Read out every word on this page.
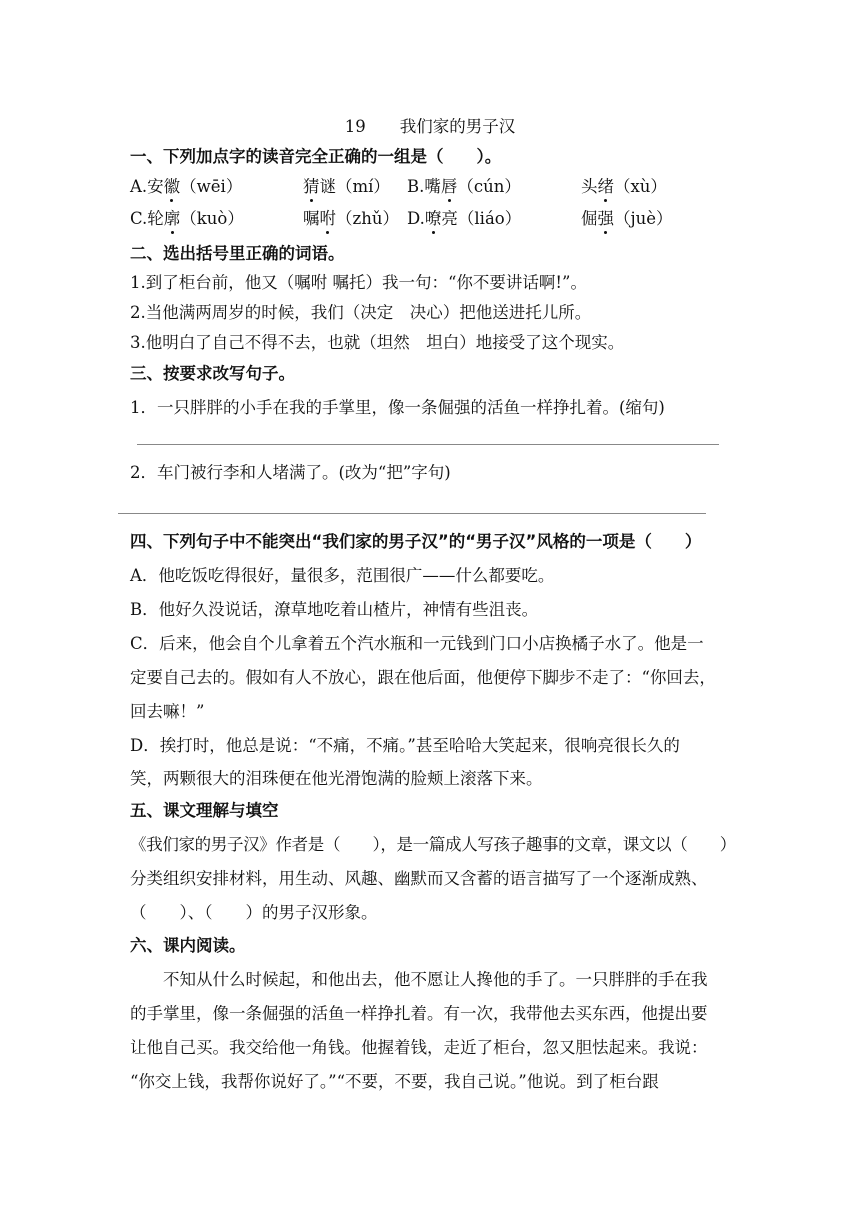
19 我们家的男子汉
一、下列加点字的读音完全正确的一组是（　　）。
A.安徽（wēi）	猜谜（mí） B.嘴唇（cún）	头绪（xù）
C.轮廓（kuò）	嘱咐（zhǔ） D.嘹亮（liáo）	倔强（juè）
二、选出括号里正确的词语。
1.到了柜台前，他又（嘱咐 嘱托）我一句：“你不要讲话啊!”。
2.当他满两周岁的时候，我们（决定　决心）把他送进托儿所。
3.他明白了自己不得不去，也就（坦然　坦白）地接受了这个现实。
三、按要求改写句子。
1．一只胖胖的小手在我的手掌里，像一条倔强的活鱼一样挣扎着。(缩句)
2．车门被行李和人堵满了。(改为“把”字句)
四、下列句子中不能突出“我们家的男子汉”的“男子汉”风格的一项是（　　）
A．他吃饭吃得很好，量很多，范围很广——什么都要吃。
B．他好久没说话，潦草地吃着山楂片，神情有些沮丧。
C．后来，他会自个儿拿着五个汽水瓶和一元钱到门口小店换橘子水了。他是一
定要自己去的。假如有人不放心，跟在他后面，他便停下脚步不走了：“你回去，
回去嘛！”
D．挨打时，他总是说：“不痛，不痛。”甚至哈哈大笑起来，很响亮很长久的
笑，两颗很大的泪珠便在他光滑饱满的脸颊上滚落下来。
五、课文理解与填空
《我们家的男子汉》作者是（　　），是一篇成人写孩子趣事的文章，课文以（　　）
分类组织安排材料，用生动、风趣、幽默而又含蓄的语言描写了一个逐渐成熟、
（　　）、（　　）的男子汉形象。
六、课内阅读。
　　不知从什么时候起，和他出去，他不愿让人搀他的手了。一只胖胖的手在我
的手掌里，像一条倔强的活鱼一样挣扎着。有一次，我带他去买东西，他提出要
让他自己买。我交给他一角钱。他握着钱，走近了柜台，忽又胆怯起来。我说：
“你交上钱，我帮你说好了。”“不要，不要，我自己说。”他说。到了柜台跟
